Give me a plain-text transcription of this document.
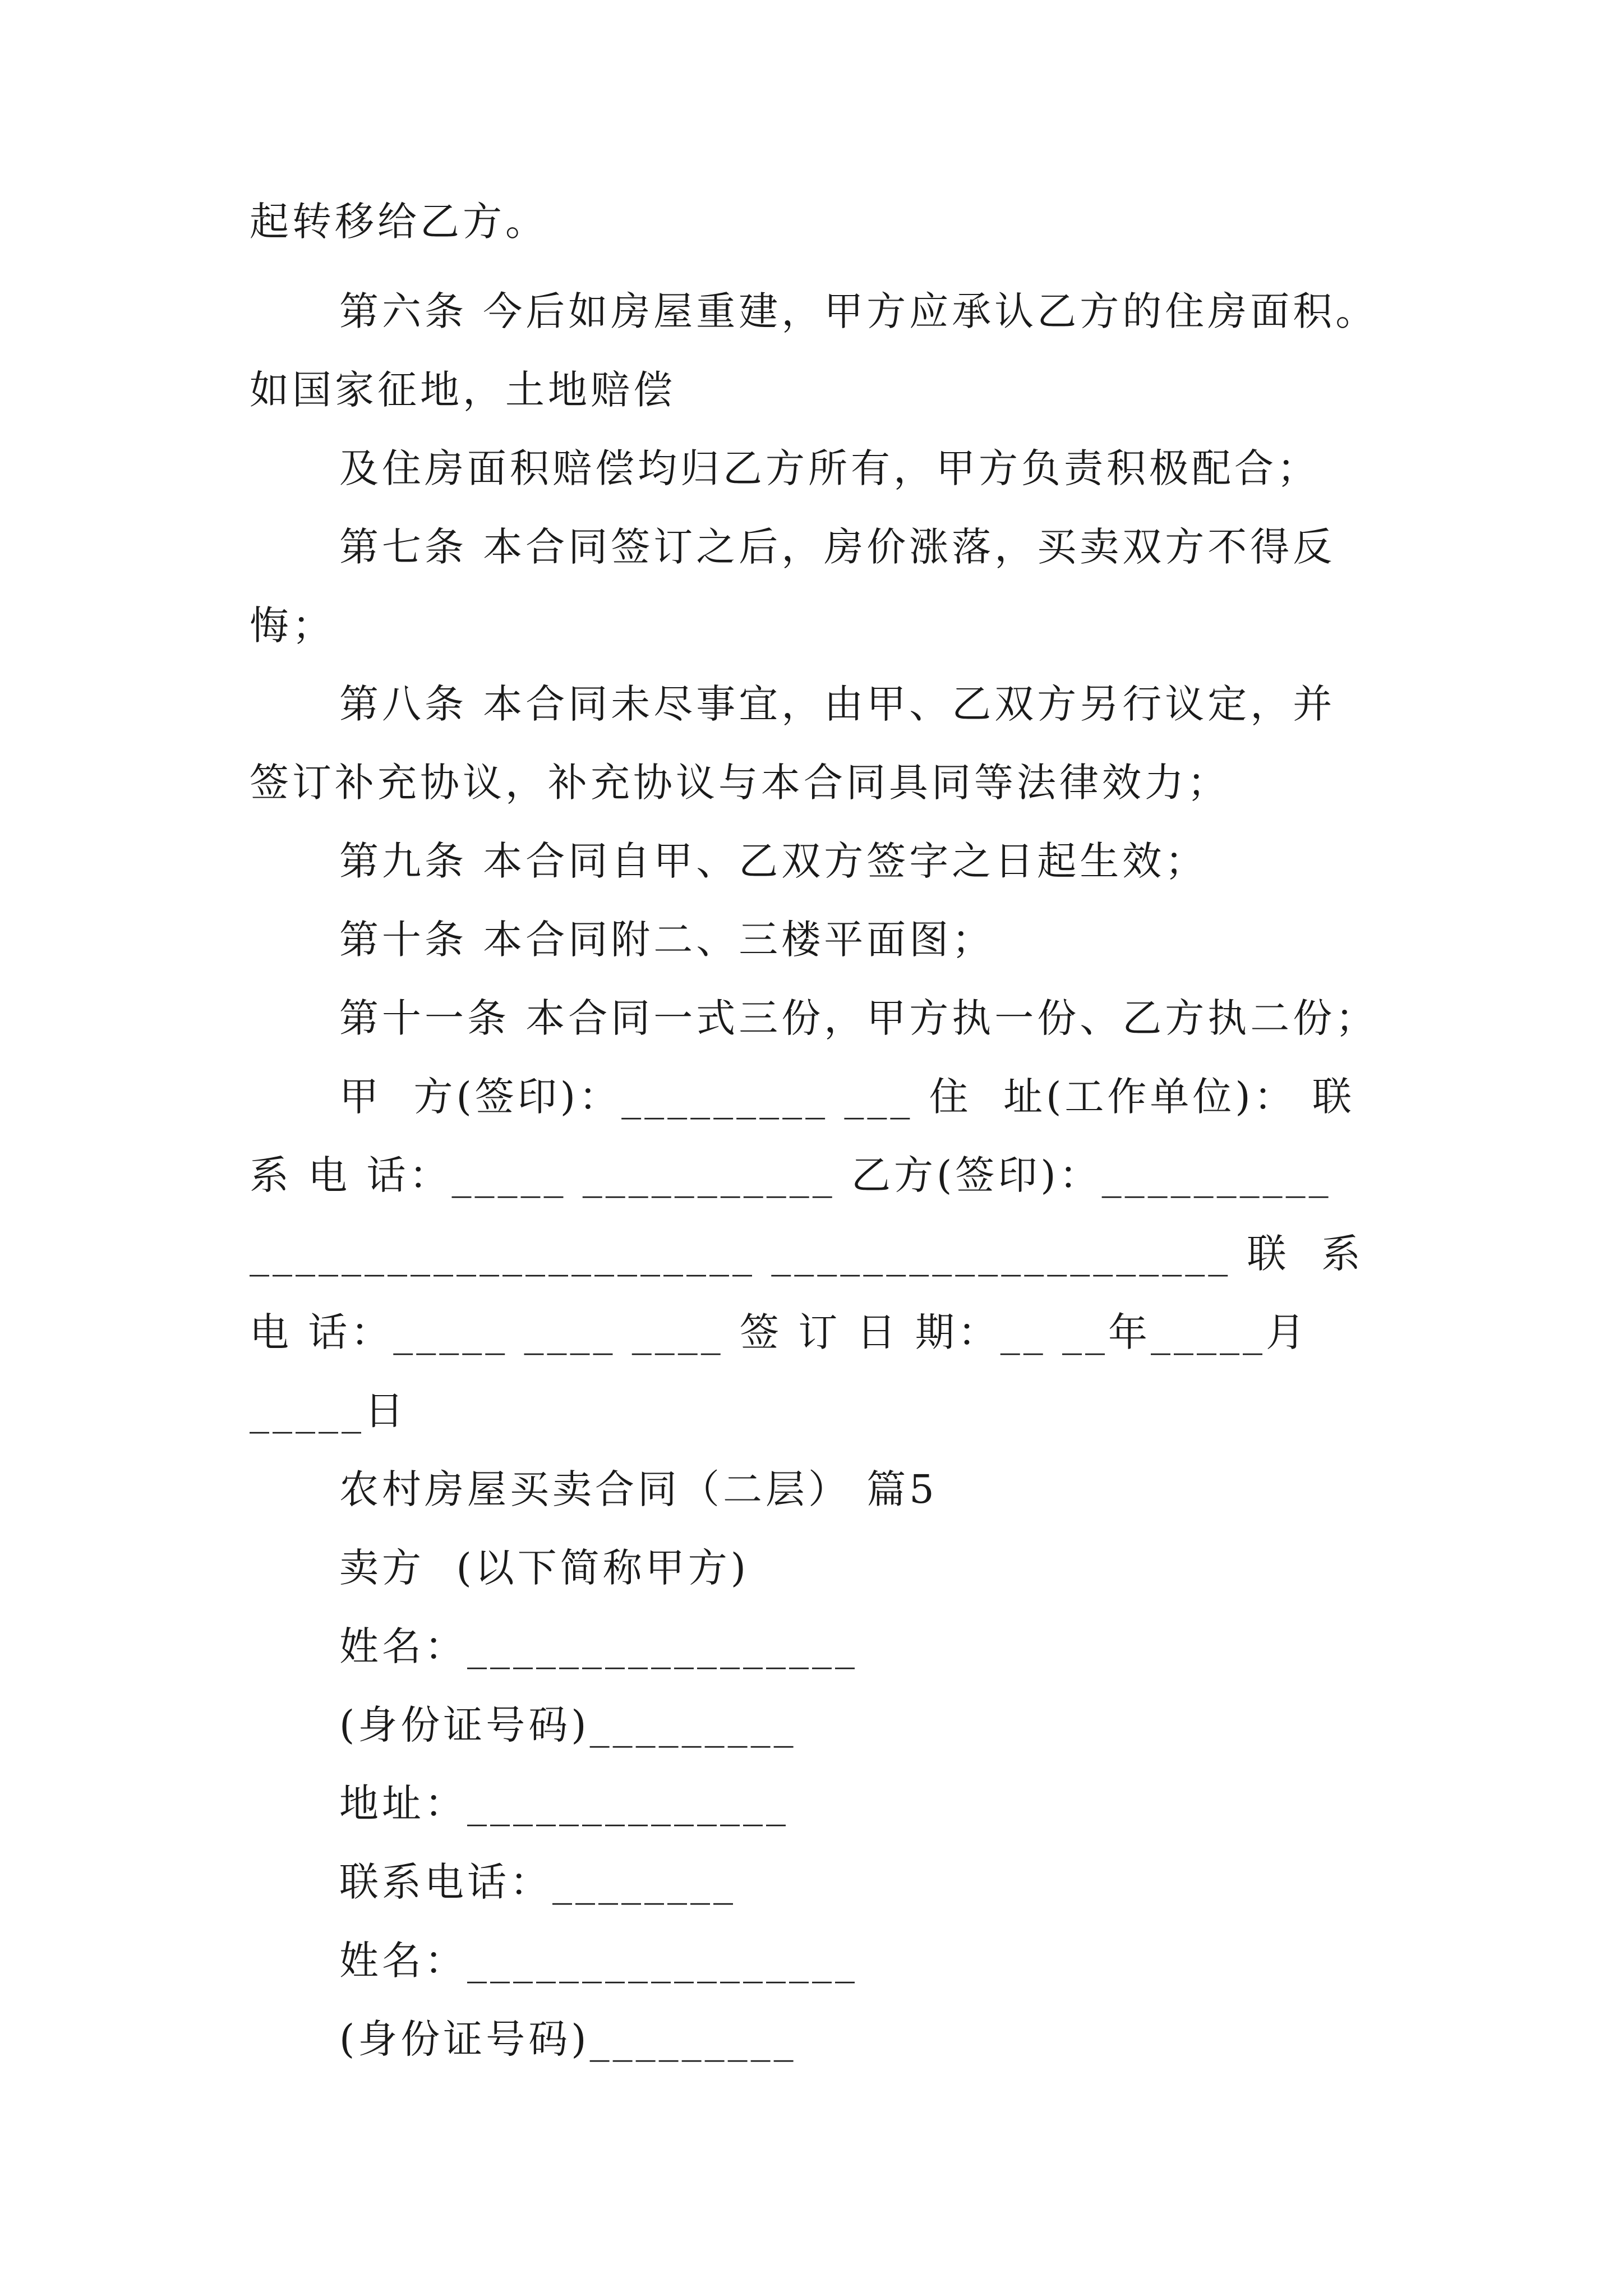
起转移给乙方。
第六条 今后如房屋重建，甲方应承认乙方的住房面积。
如国家征地，土地赔偿
及住房面积赔偿均归乙方所有，甲方负责积极配合；
第七条 本合同签订之后，房价涨落，买卖双方不得反
悔；
第八条 本合同未尽事宜，由甲、乙双方另行议定，并
签订补充协议，补充协议与本合同具同等法律效力；
第九条 本合同自甲、乙双方签字之日起生效；
第十条 本合同附二、三楼平面图；
第十一条 本合同一式三份，甲方执一份、乙方执二份；
甲  方(签印)：_________ ___ 住  址(工作单位)： 联
系 电 话：_____ ___________ 乙方(签印)：__________
______________________ ____________________ 联  系
电 话：_____ ____ ____ 签 订 日 期：__ __年_____月
_____日
农村房屋买卖合同（二层） 篇5
卖方  (以下简称甲方)
姓名：_________________
(身份证号码)_________
地址：______________
联系电话：________
姓名：_________________
(身份证号码)_________
